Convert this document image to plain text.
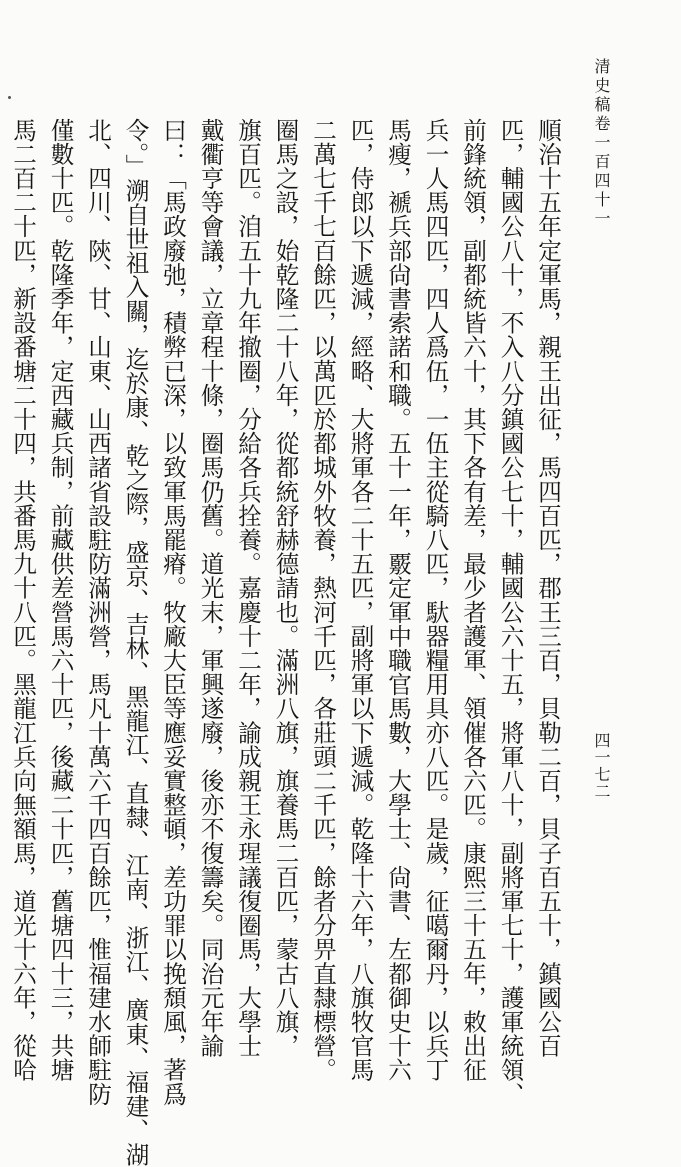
清史稿卷一百四十一
四一七二
順治十五年定軍馬，親王出征，馬四百匹，郡王三百，貝勒二百，貝子百五十，鎮國公百
匹，輔國公八十，不入八分鎮國公七十，輔國公六十五，將軍八十，副將軍七十，護軍統領、
前鋒統領，副都統皆六十，其下各有差，最少者護軍、領催各六匹。康熙三十五年，敕出征
兵一人馬四匹，四人爲伍，一伍主從騎八匹，馱器糧用具亦八匹。是歲，征噶爾丹，以兵丁
馬瘦，褫兵部尙書索諾和職。五十一年，覈定軍中職官馬數，大學士、尙書、左都御史十六
匹，侍郎以下遞減，經略、大將軍各二十五匹，副將軍以下遞減。乾隆十六年，八旗牧官馬
二萬七千七百餘匹，以萬匹於都城外牧養，熱河千匹，各莊頭二千匹，餘者分畀直隸標營。
圈馬之設，始乾隆二十八年，從都統舒赫德請也。滿洲八旗，旗養馬二百匹，蒙古八旗，
旗百匹。洎五十九年撤圈，分給各兵拴養。嘉慶十二年，諭成親王永瑆議復圈馬，大學士
戴衢亨等會議，立章程十條，圈馬仍舊。道光末，軍興遂廢，後亦不復籌矣。同治元年諭
曰：「馬政廢弛，積弊已深，以致軍馬罷瘠。牧廠大臣等應妥實整頓，差功罪以挽頹風，著爲
令。」溯自世祖入關，迄於康、乾之際，盛京、吉林、黑龍江、直隸、江南、浙江、廣東、福建、湖
北、四川、陝、甘、山東、山西諸省設駐防滿洲營，馬凡十萬六千四百餘匹，惟福建水師駐防
僅數十匹。乾隆季年，定西藏兵制，前藏供差營馬六十匹，後藏二十匹，舊塘四十三，共塘
馬二百二十匹，新設番塘二十四，共番馬九十八匹。黑龍江兵向無額馬，道光十六年，從哈
